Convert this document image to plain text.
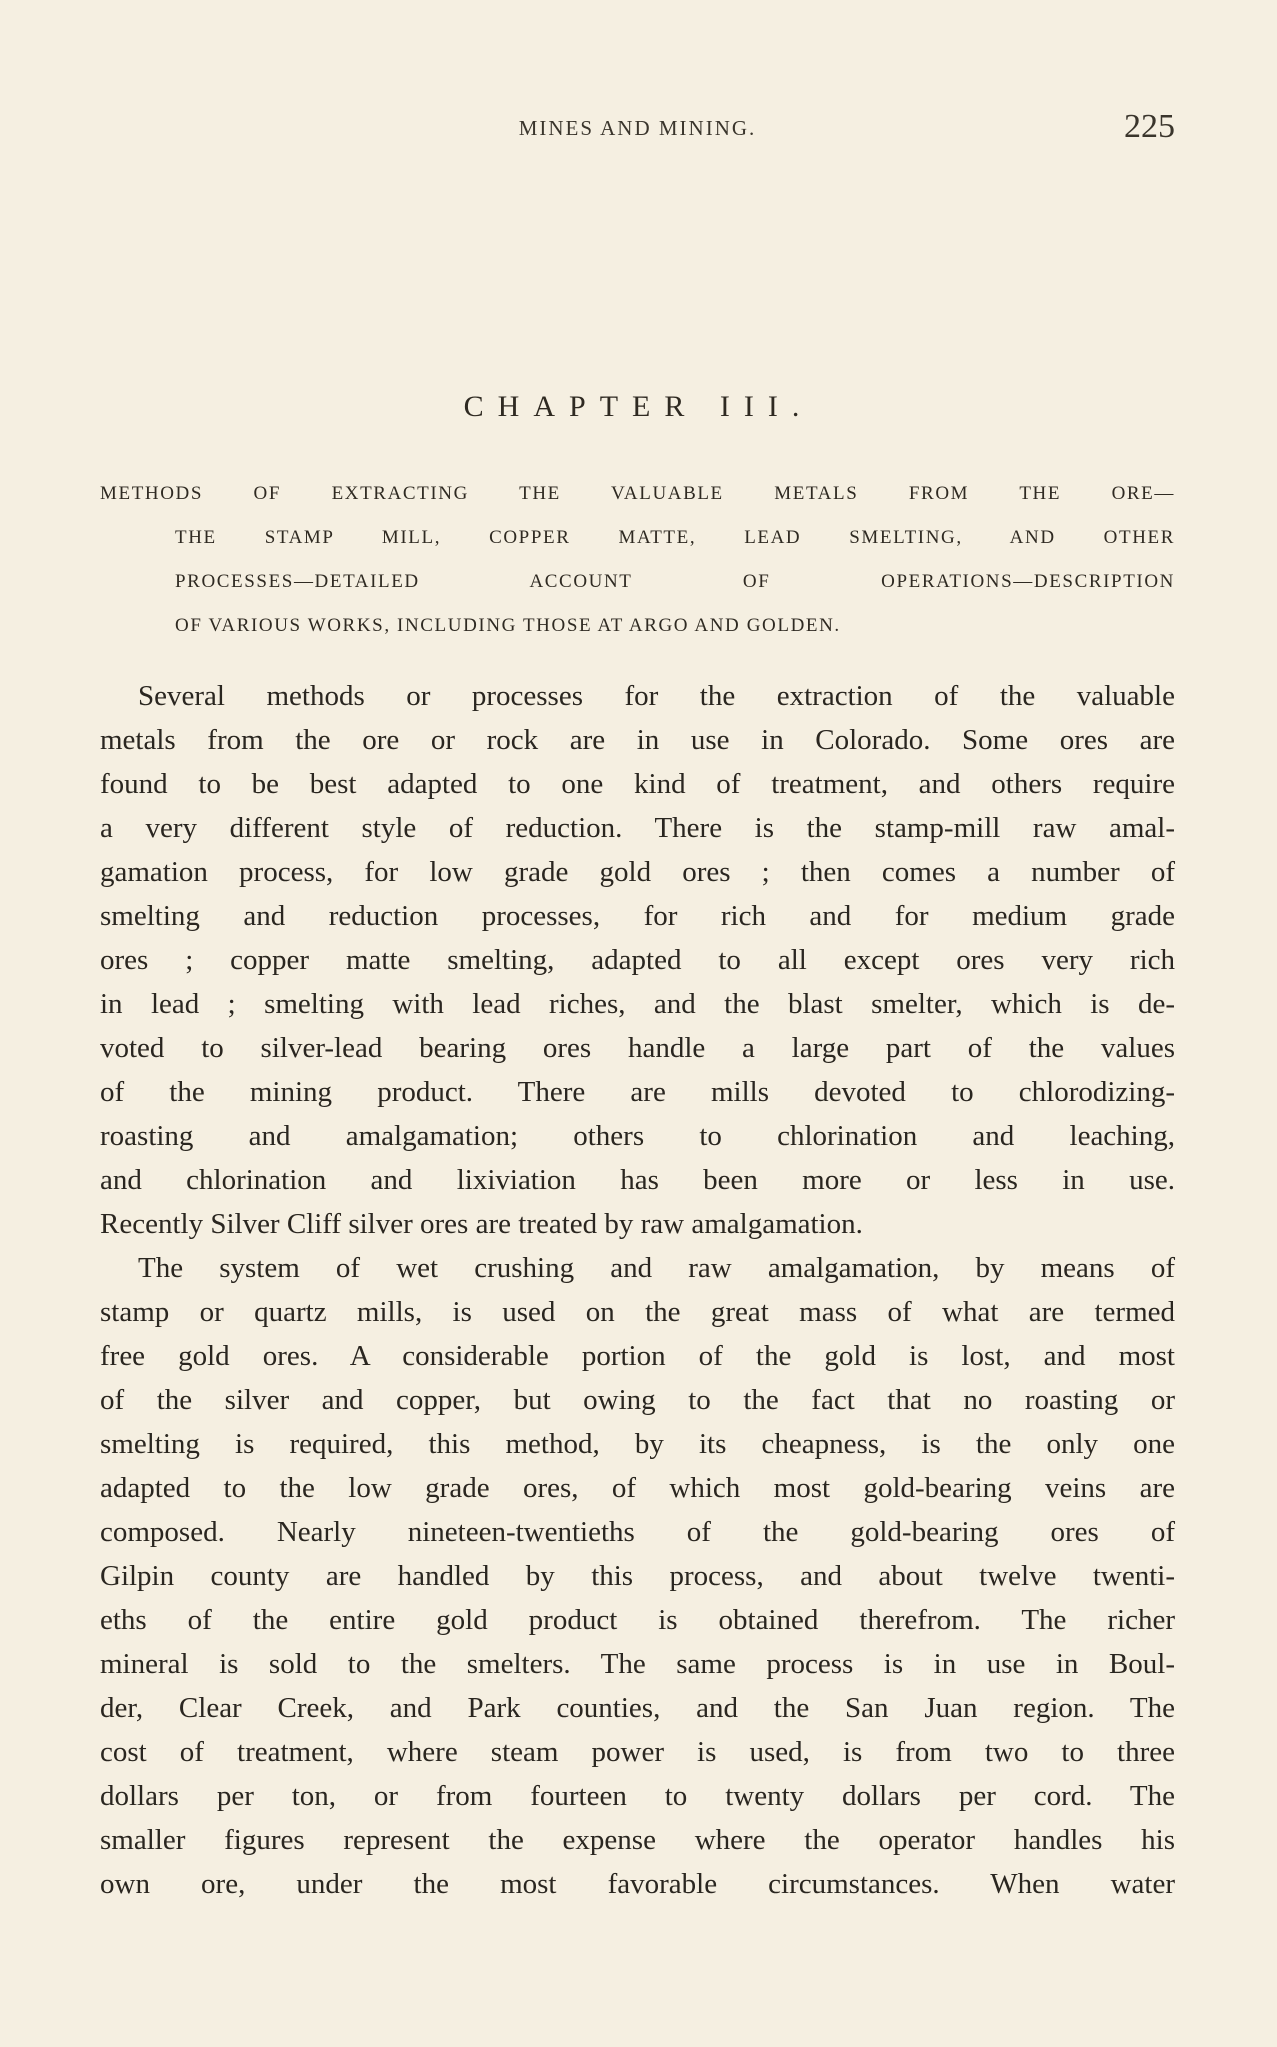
MINES AND MINING.	225
CHAPTER III.
METHODS OF EXTRACTING THE VALUABLE METALS FROM THE ORE—
THE STAMP MILL, COPPER MATTE, LEAD SMELTING, AND OTHER
PROCESSES—DETAILED ACCOUNT OF OPERATIONS—DESCRIPTION
OF VARIOUS WORKS, INCLUDING THOSE AT ARGO AND GOLDEN.
Several methods or processes for the extraction of the valuable
metals from the ore or rock are in use in Colorado. Some ores are
found to be best adapted to one kind of treatment, and others require
a very different style of reduction. There is the stamp-mill raw amal-
gamation process, for low grade gold ores ; then comes a number of
smelting and reduction processes, for rich and for medium grade
ores ; copper matte smelting, adapted to all except ores very rich
in lead ; smelting with lead riches, and the blast smelter, which is de-
voted to silver-lead bearing ores handle a large part of the values
of the mining product. There are mills devoted to chlorodizing-
roasting and amalgamation; others to chlorination and leaching,
and chlorination and lixiviation has been more or less in use.
Recently Silver Cliff silver ores are treated by raw amalgamation.
The system of wet crushing and raw amalgamation, by means of
stamp or quartz mills, is used on the great mass of what are termed
free gold ores. A considerable portion of the gold is lost, and most
of the silver and copper, but owing to the fact that no roasting or
smelting is required, this method, by its cheapness, is the only one
adapted to the low grade ores, of which most gold-bearing veins are
composed. Nearly nineteen-twentieths of the gold-bearing ores of
Gilpin county are handled by this process, and about twelve twenti-
eths of the entire gold product is obtained therefrom. The richer
mineral is sold to the smelters. The same process is in use in Boul-
der, Clear Creek, and Park counties, and the San Juan region. The
cost of treatment, where steam power is used, is from two to three
dollars per ton, or from fourteen to twenty dollars per cord. The
smaller figures represent the expense where the operator handles his
own ore, under the most favorable circumstances. When water
